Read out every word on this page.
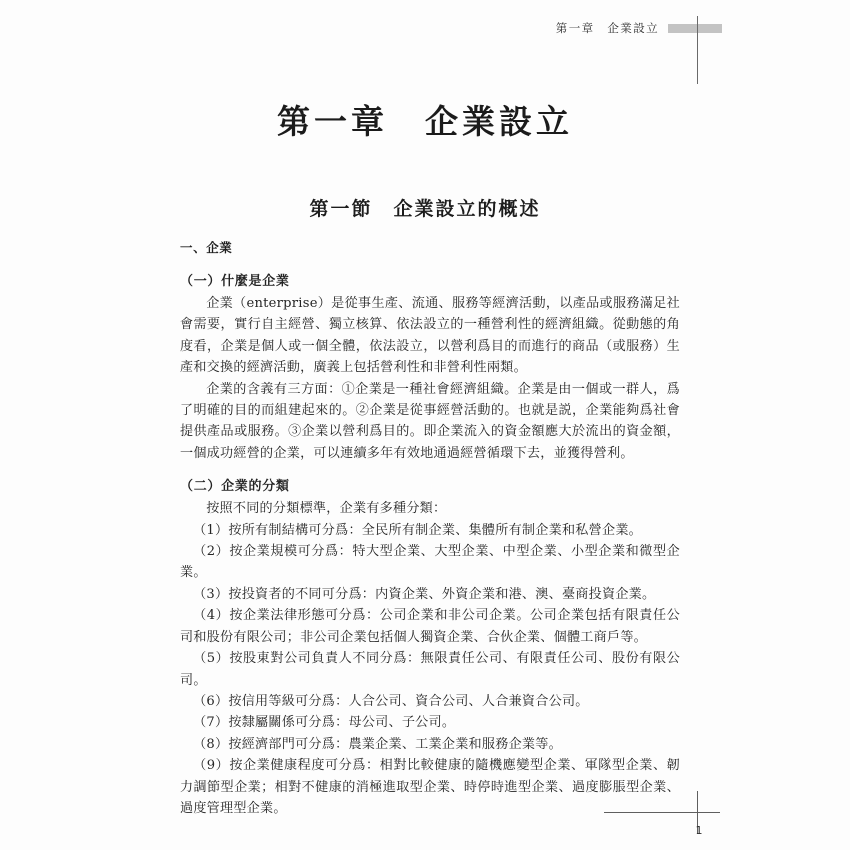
第一章　企業設立
第一章　企業設立
第一節　企業設立的概述
一、企業
（一）什麼是企業

企業（enterprise）是從事生產、流通、服務等經濟活動，以產品或服務滿足社會需要，實行自主經營、獨立核算、依法設立的一種營利性的經濟組織。從動態的角度看，企業是個人或一個全體，依法設立，以營利爲目的而進行的商品（或服務）生產和交換的經濟活動，廣義上包括營利性和非營利性兩類。

企業的含義有三方面：①企業是一種社會經濟組織。企業是由一個或一群人，爲了明確的目的而組建起來的。②企業是從事經營活動的。也就是説，企業能夠爲社會提供產品或服務。③企業以營利爲目的。即企業流入的資金額應大於流出的資金額，一個成功經營的企業，可以連續多年有效地通過經營循環下去，並獲得營利。

（二）企業的分類

按照不同的分類標準，企業有多種分類：

（1）按所有制結構可分爲：全民所有制企業、集體所有制企業和私營企業。

（2）按企業規模可分爲：特大型企業、大型企業、中型企業、小型企業和微型企業。

（3）按投資者的不同可分爲：内資企業、外資企業和港、澳、臺商投資企業。

（4）按企業法律形態可分爲：公司企業和非公司企業。公司企業包括有限責任公司和股份有限公司；非公司企業包括個人獨資企業、合伙企業、個體工商戶等。

（5）按股東對公司負責人不同分爲：無限責任公司、有限責任公司、股份有限公司。

（6）按信用等級可分爲：人合公司、資合公司、人合兼資合公司。

（7）按隸屬關係可分爲：母公司、子公司。

（8）按經濟部門可分爲：農業企業、工業企業和服務企業等。

（9）按企業健康程度可分爲：相對比較健康的隨機應變型企業、軍隊型企業、韌力調節型企業；相對不健康的消極進取型企業、時停時進型企業、過度膨脹型企業、過度管理型企業。

1
